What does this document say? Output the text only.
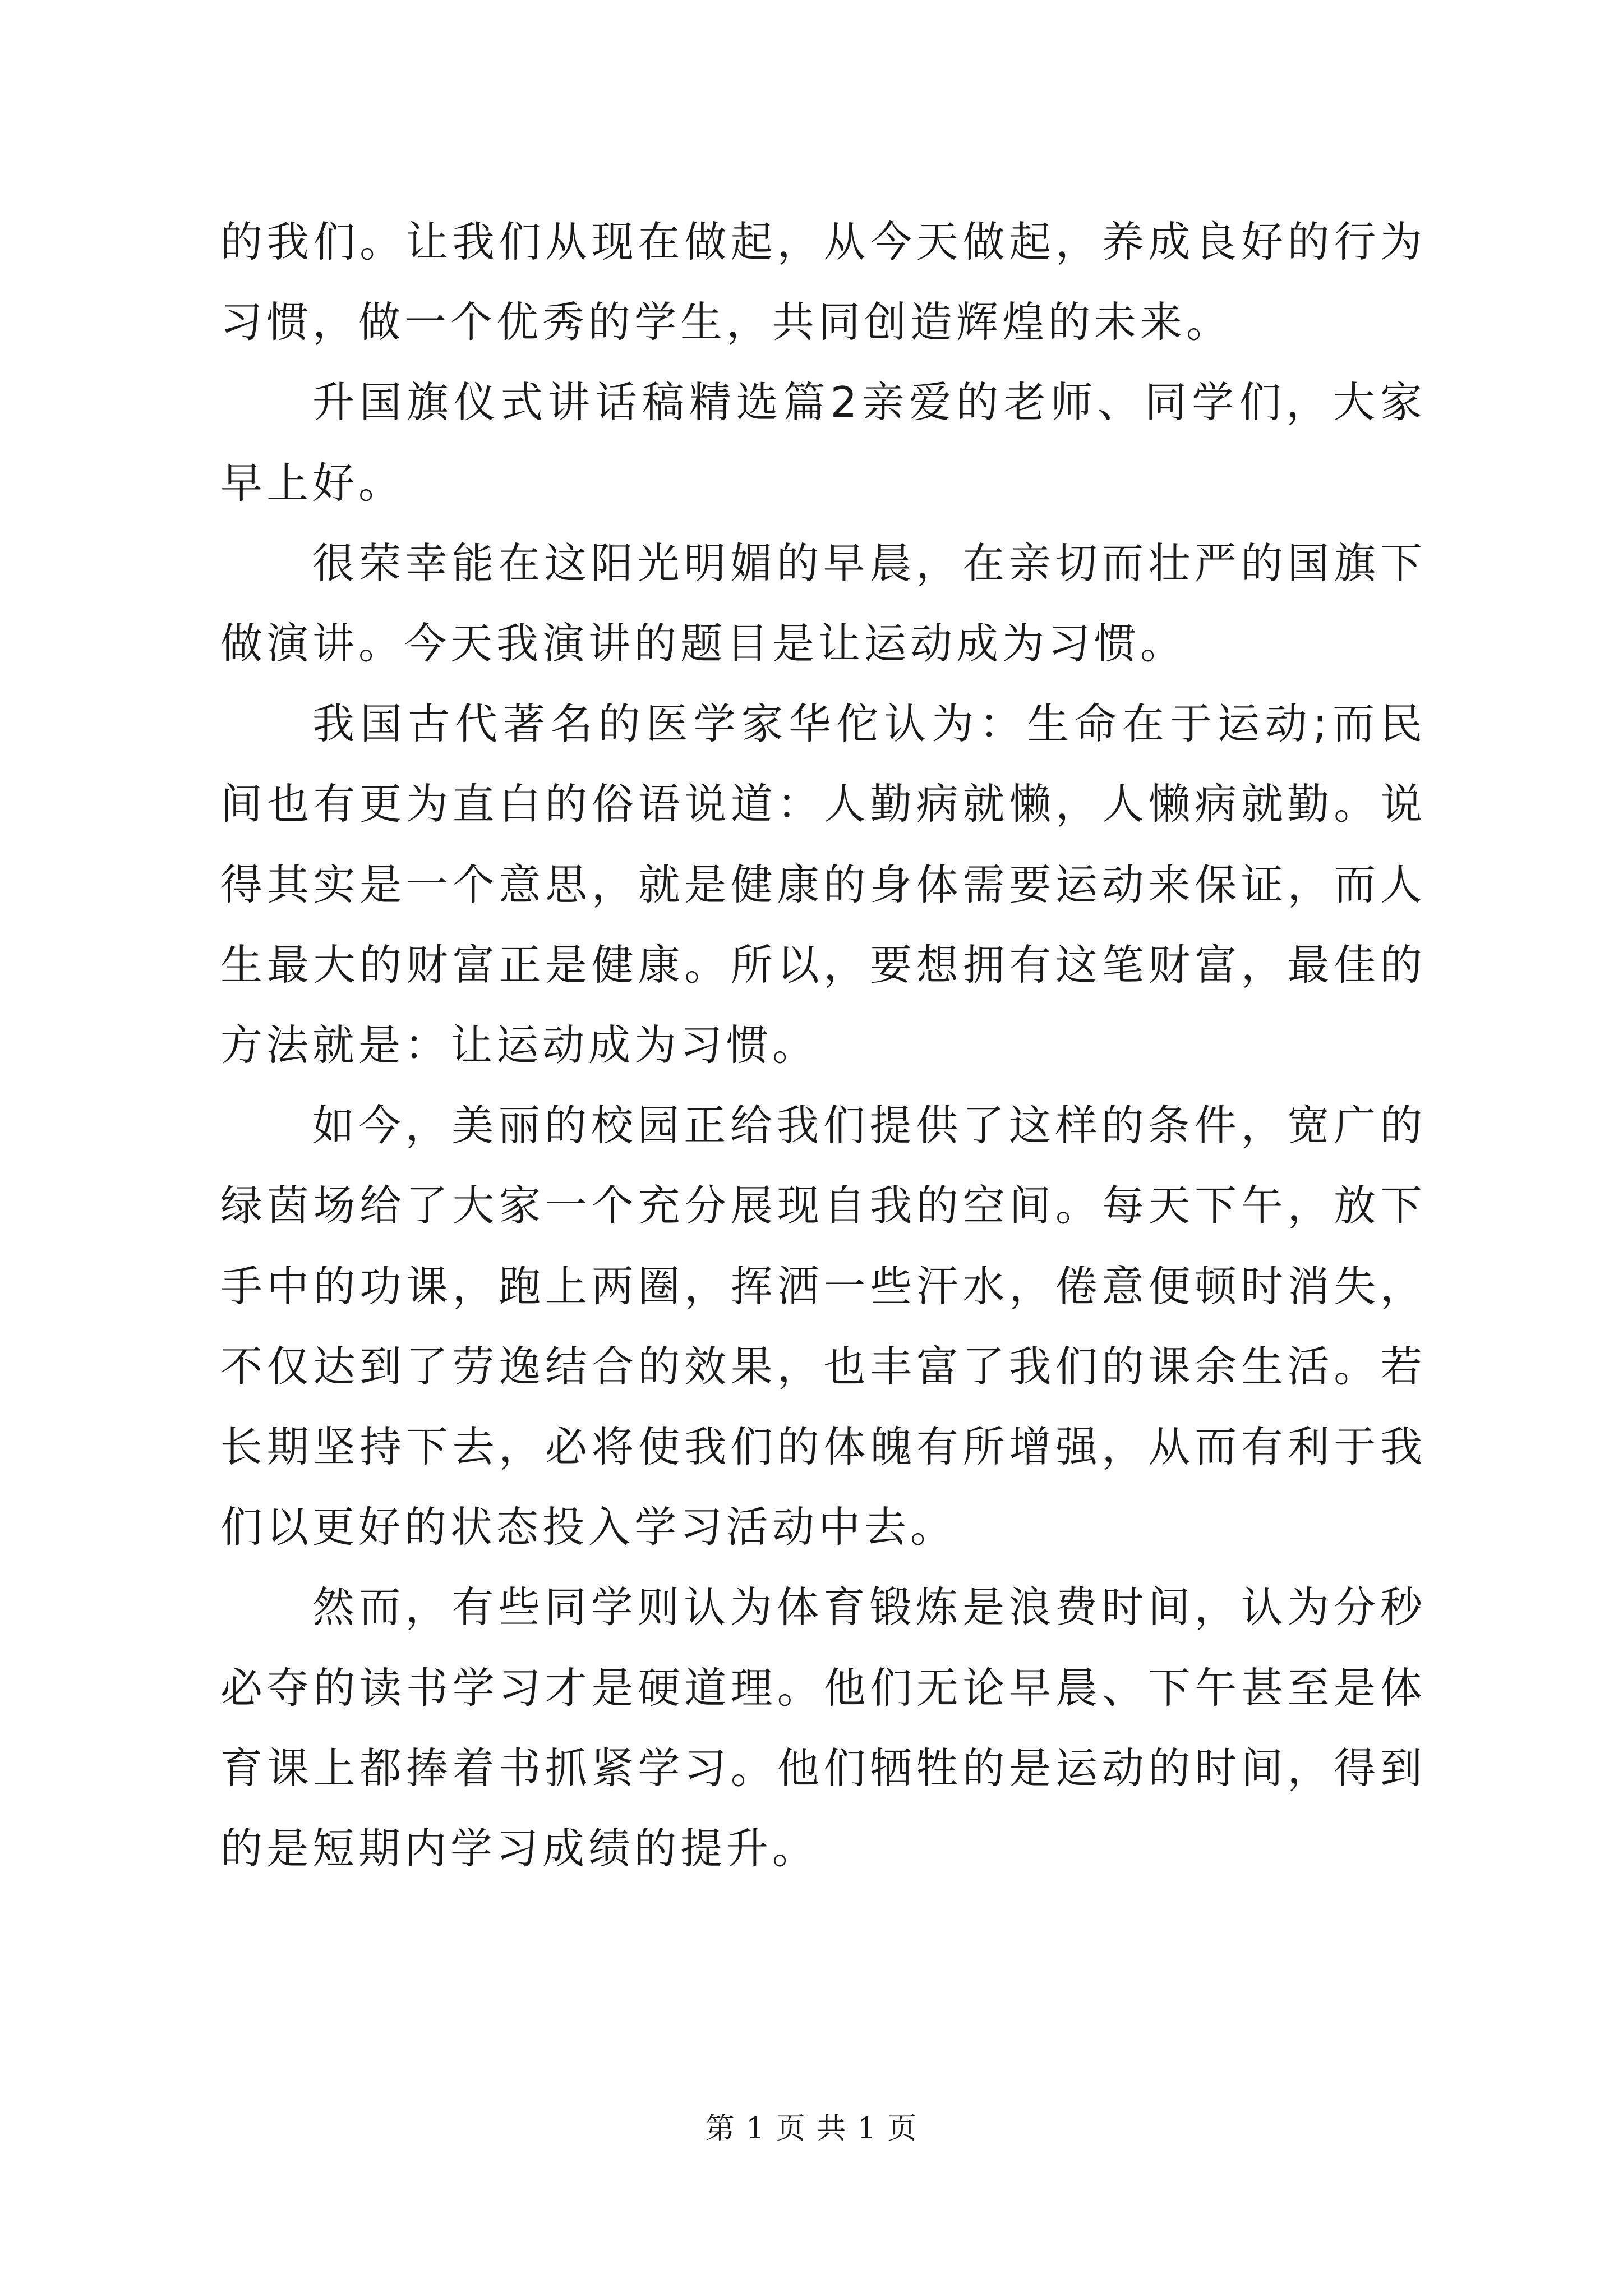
的我们。让我们从现在做起，从今天做起，养成良好的行为习惯，做一个优秀的学生，共同创造辉煌的未来。

升国旗仪式讲话稿精选篇2亲爱的老师、同学们，大家早上好。

很荣幸能在这阳光明媚的早晨，在亲切而壮严的国旗下做演讲。今天我演讲的题目是让运动成为习惯。

我国古代著名的医学家华佗认为：生命在于运动;而民间也有更为直白的俗语说道：人勤病就懒，人懒病就勤。说得其实是一个意思，就是健康的身体需要运动来保证，而人生最大的财富正是健康。所以，要想拥有这笔财富，最佳的方法就是：让运动成为习惯。

如今，美丽的校园正给我们提供了这样的条件，宽广的绿茵场给了大家一个充分展现自我的空间。每天下午，放下手中的功课，跑上两圈，挥洒一些汗水，倦意便顿时消失，不仅达到了劳逸结合的效果，也丰富了我们的课余生活。若长期坚持下去，必将使我们的体魄有所增强，从而有利于我们以更好的状态投入学习活动中去。

然而，有些同学则认为体育锻炼是浪费时间，认为分秒必夺的读书学习才是硬道理。他们无论早晨、下午甚至是体育课上都捧着书抓紧学习。他们牺牲的是运动的时间，得到的是短期内学习成绩的提升。

第 1 页 共 1 页
